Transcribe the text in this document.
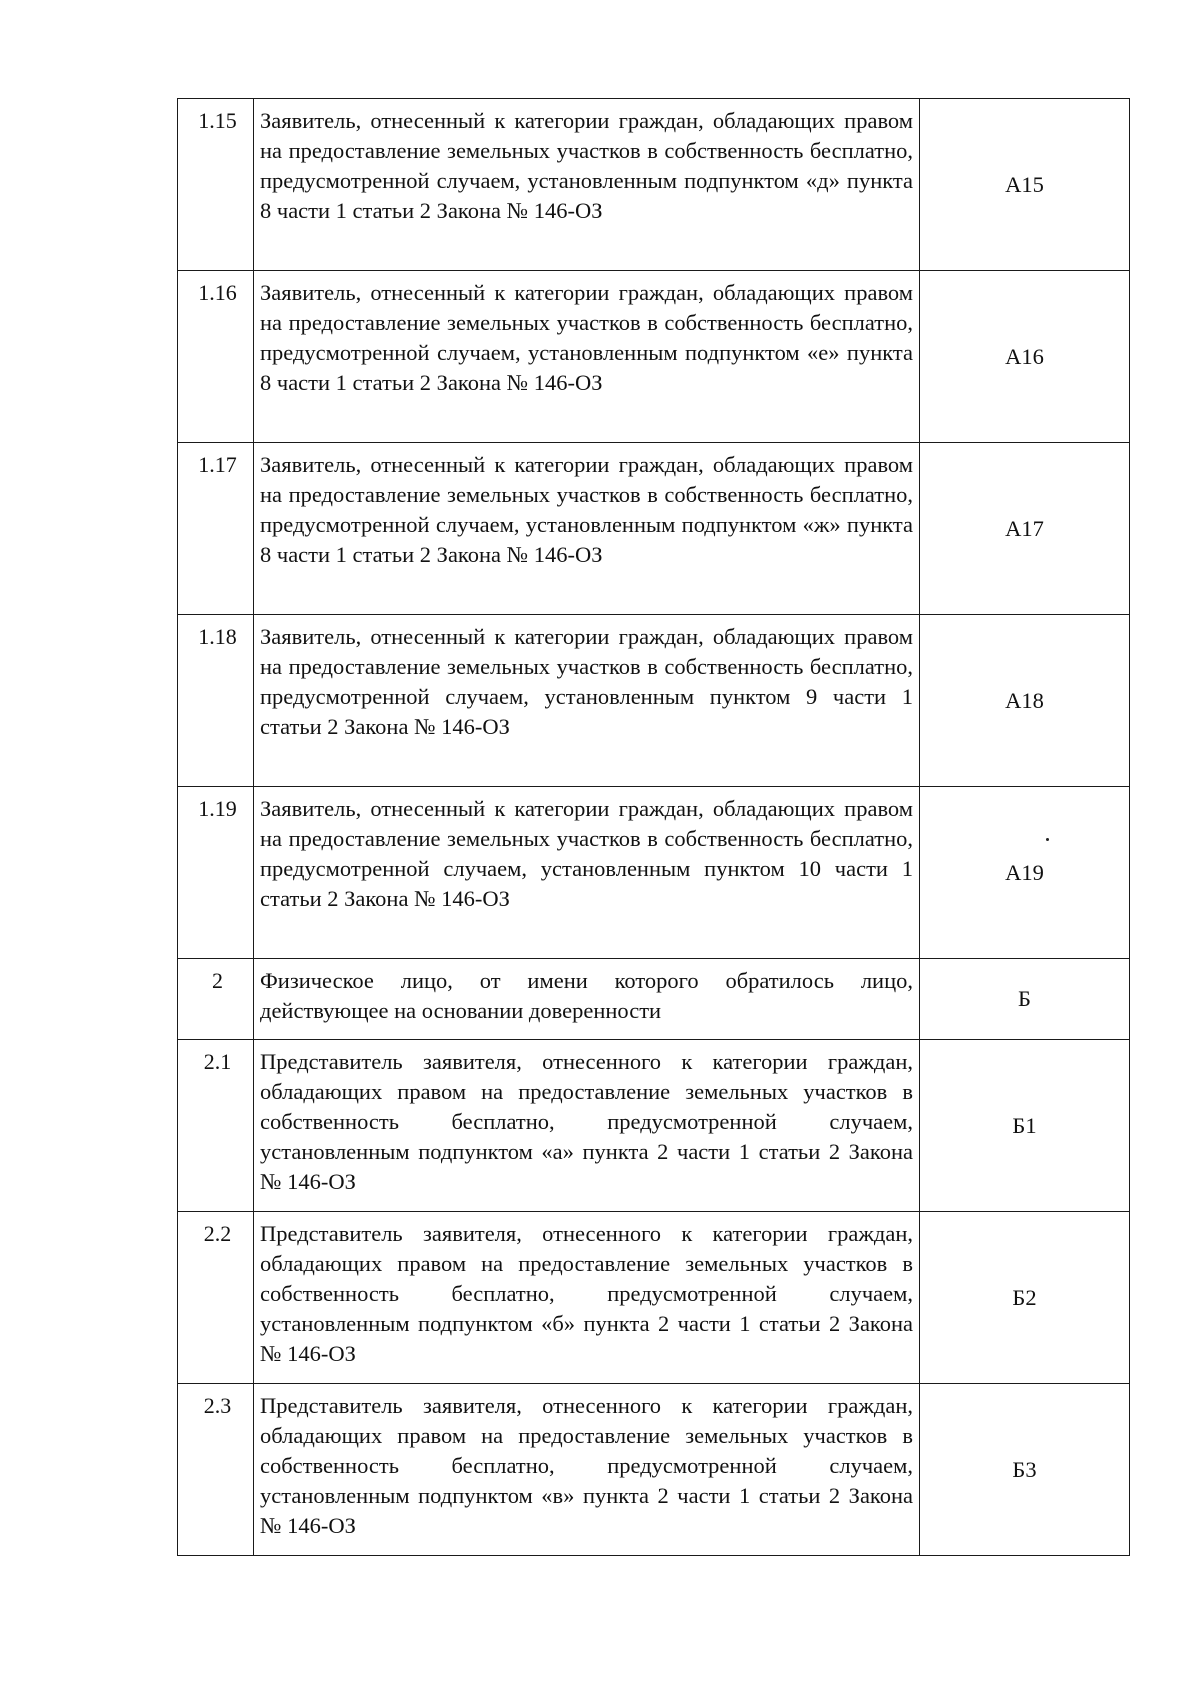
1.15	Заявитель, отнесенный к категории граждан, обладающих правом на предоставление земельных участков в собственность бесплатно, предусмотренной случаем, установленным подпунктом «д» пункта 8 части 1 статьи 2 Закона № 146-ОЗ	А15
1.16	Заявитель, отнесенный к категории граждан, обладающих правом на предоставление земельных участков в собственность бесплатно, предусмотренной случаем, установленным подпунктом «е» пункта 8 части 1 статьи 2 Закона № 146-ОЗ	А16
1.17	Заявитель, отнесенный к категории граждан, обладающих правом на предоставление земельных участков в собственность бесплатно, предусмотренной случаем, установленным подпунктом «ж» пункта 8 части 1 статьи 2 Закона № 146-ОЗ	А17
1.18	Заявитель, отнесенный к категории граждан, обладающих правом на предоставление земельных участков в собственность бесплатно, предусмотренной случаем, установленным пунктом 9 части 1 статьи 2 Закона № 146-ОЗ	А18
1.19	Заявитель, отнесенный к категории граждан, обладающих правом на предоставление земельных участков в собственность бесплатно, предусмотренной случаем, установленным пунктом 10 части 1 статьи 2 Закона № 146-ОЗ	А19
2	Физическое лицо, от имени которого обратилось лицо, действующее на основании доверенности	Б
2.1	Представитель заявителя, отнесенного к категории граждан, обладающих правом на предоставление земельных участков в собственность бесплатно, предусмотренной случаем, установленным подпунктом «а» пункта 2 части 1 статьи 2 Закона № 146-ОЗ	Б1
2.2	Представитель заявителя, отнесенного к категории граждан, обладающих правом на предоставление земельных участков в собственность бесплатно, предусмотренной случаем, установленным подпунктом «б» пункта 2 части 1 статьи 2 Закона № 146-ОЗ	Б2
2.3	Представитель заявителя, отнесенного к категории граждан, обладающих правом на предоставление земельных участков в собственность бесплатно, предусмотренной случаем, установленным подпунктом «в» пункта 2 части 1 статьи 2 Закона № 146-ОЗ	Б3
